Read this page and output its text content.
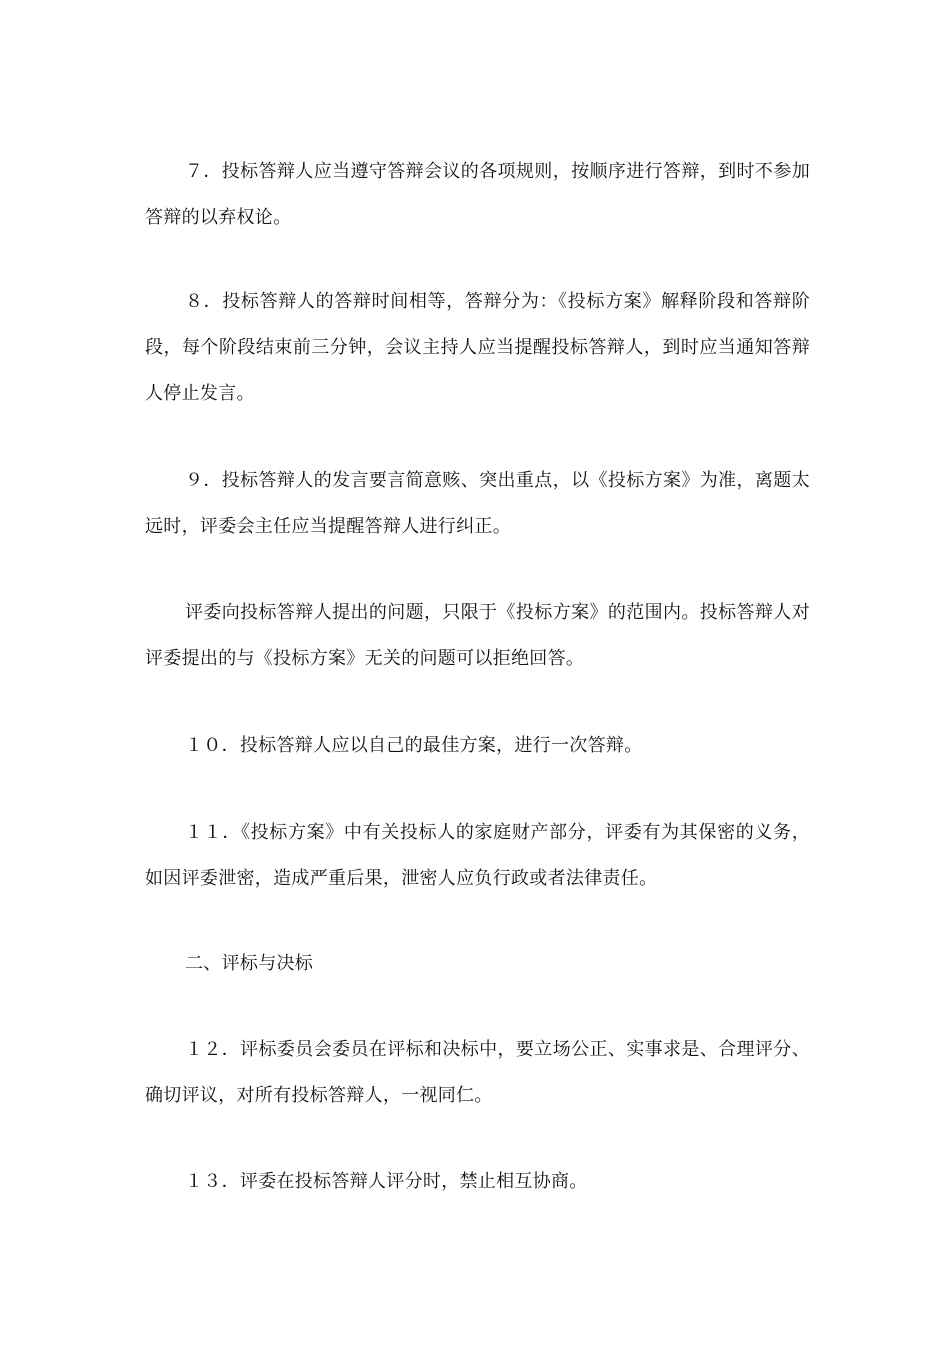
７．投标答辩人应当遵守答辩会议的各项规则，按顺序进行答辩，到时不参加答辩的以弃权论。

８．投标答辩人的答辩时间相等，答辩分为：《投标方案》解释阶段和答辩阶段，每个阶段结束前三分钟，会议主持人应当提醒投标答辩人，到时应当通知答辩人停止发言。

９．投标答辩人的发言要言简意赅、突出重点，以《投标方案》为准，离题太远时，评委会主任应当提醒答辩人进行纠正。

评委向投标答辩人提出的问题，只限于《投标方案》的范围内。投标答辩人对评委提出的与《投标方案》无关的问题可以拒绝回答。

１０．投标答辩人应以自己的最佳方案，进行一次答辩。

１１．《投标方案》中有关投标人的家庭财产部分，评委有为其保密的义务，如因评委泄密，造成严重后果，泄密人应负行政或者法律责任。

二、评标与决标

１２．评标委员会委员在评标和决标中，要立场公正、实事求是、合理评分、确切评议，对所有投标答辩人，一视同仁。

１３．评委在投标答辩人评分时，禁止相互协商。
